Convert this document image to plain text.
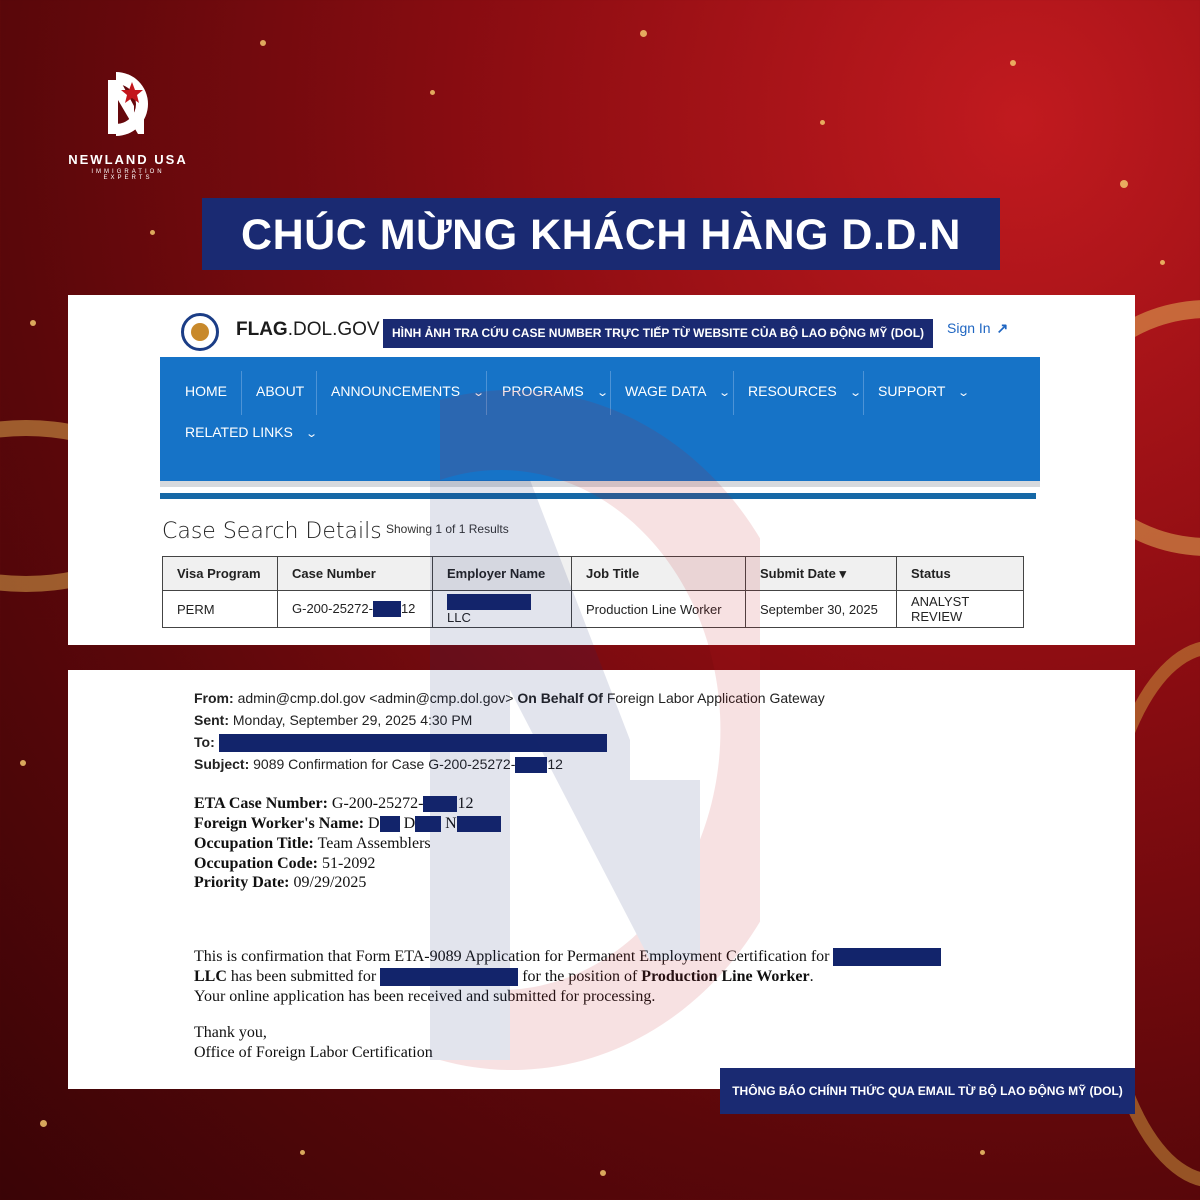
NEWLAND USA
IMMIGRATION EXPERTS
CHÚC MỪNG KHÁCH HÀNG D.D.N
FLAG.DOL.GOV	HÌNH ẢNH TRA CỨU CASE NUMBER TRỰC TIẾP TỪ WEBSITE CỦA BỘ LAO ĐỘNG MỸ (DOL)	Sign In ↗
HOME ABOUT ANNOUNCEMENTS ⌄ PROGRAMS ⌄ WAGE DATA ⌄ RESOURCES ⌄ SUPPORT ⌄
RELATED LINKS ⌄
Case Search Details Showing 1 of 1 Results
Visa Program	Case Number	Employer Name	Job Title	Submit Date ▾	Status
PERM	G-200-25272- 12	LLC	Production Line Worker	September 30, 2025	ANALYST REVIEW
From: admin@cmp.dol.gov <admin@cmp.dol.gov> On Behalf Of Foreign Labor Application Gateway
Sent: Monday, September 29, 2025 4:30 PM
To:
Subject: 9089 Confirmation for Case G-200-25272- 12
ETA Case Number: G-200-25272- 12
Foreign Worker's Name: D D N
Occupation Title: Team Assemblers
Occupation Code: 51-2092
Priority Date: 09/29/2025
This is confirmation that Form ETA-9089 Application for Permanent Employment Certification for
LLC has been submitted for	for the position of Production Line Worker.
Your online application has been received and submitted for processing.
Thank you,
Office of Foreign Labor Certification
THÔNG BÁO CHÍNH THỨC QUA EMAIL TỪ BỘ LAO ĐỘNG MỸ (DOL)
